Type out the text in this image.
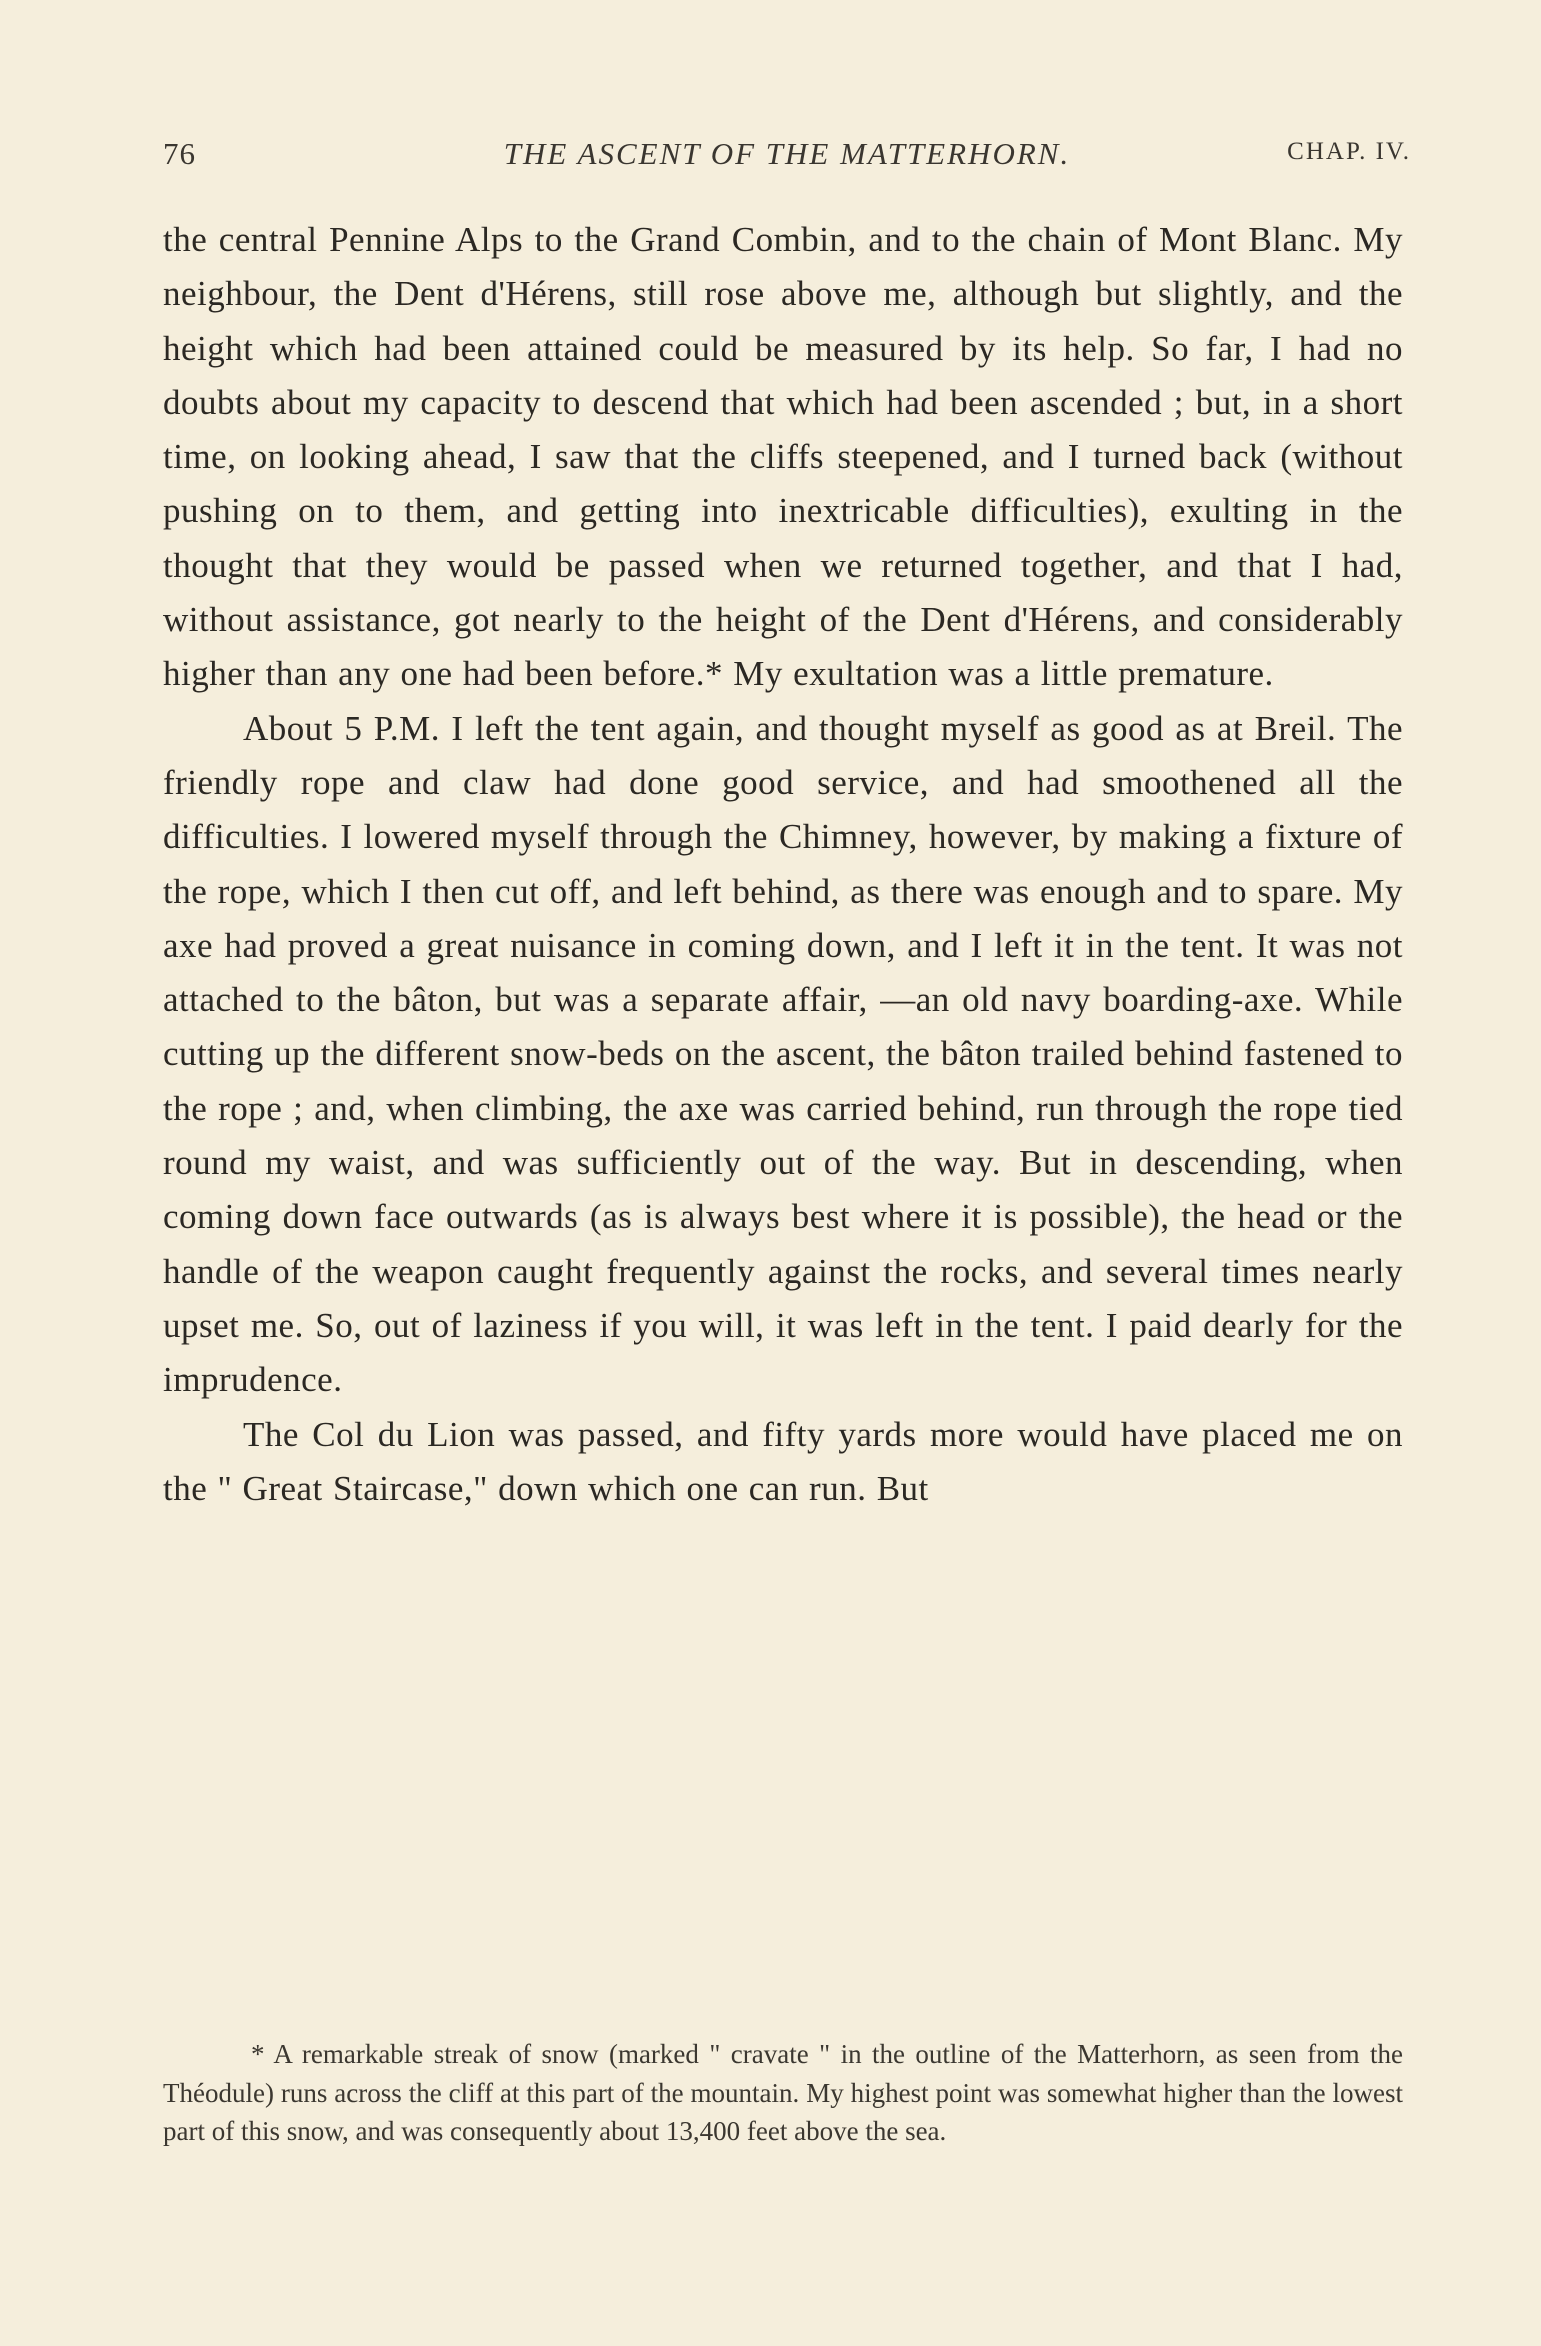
76	THE ASCENT OF THE MATTERHORN.	CHAP. IV.

the central Pennine Alps to the Grand Combin, and to the chain of Mont Blanc. My neighbour, the Dent d'Hérens, still rose above me, although but slightly, and the height which had been attained could be measured by its help. So far, I had no doubts about my capacity to descend that which had been ascended ; but, in a short time, on looking ahead, I saw that the cliffs steepened, and I turned back (without pushing on to them, and getting into inextricable difficulties), exulting in the thought that they would be passed when we returned together, and that I had, without assistance, got nearly to the height of the Dent d'Hérens, and considerably higher than any one had been before.* My exultation was a little premature.

About 5 P.M. I left the tent again, and thought myself as good as at Breil. The friendly rope and claw had done good service, and had smoothened all the difficulties. I lowered myself through the Chimney, however, by making a fixture of the rope, which I then cut off, and left behind, as there was enough and to spare. My axe had proved a great nuisance in coming down, and I left it in the tent. It was not attached to the bâton, but was a separate affair, —an old navy boarding-axe. While cutting up the different snow-beds on the ascent, the bâton trailed behind fastened to the rope ; and, when climbing, the axe was carried behind, run through the rope tied round my waist, and was sufficiently out of the way. But in descending, when coming down face outwards (as is always best where it is possible), the head or the handle of the weapon caught frequently against the rocks, and several times nearly upset me. So, out of laziness if you will, it was left in the tent. I paid dearly for the imprudence.

The Col du Lion was passed, and fifty yards more would have placed me on the " Great Staircase," down which one can run. But

* A remarkable streak of snow (marked " cravate " in the outline of the Matterhorn, as seen from the Théodule) runs across the cliff at this part of the mountain. My highest point was somewhat higher than the lowest part of this snow, and was consequently about 13,400 feet above the sea.
